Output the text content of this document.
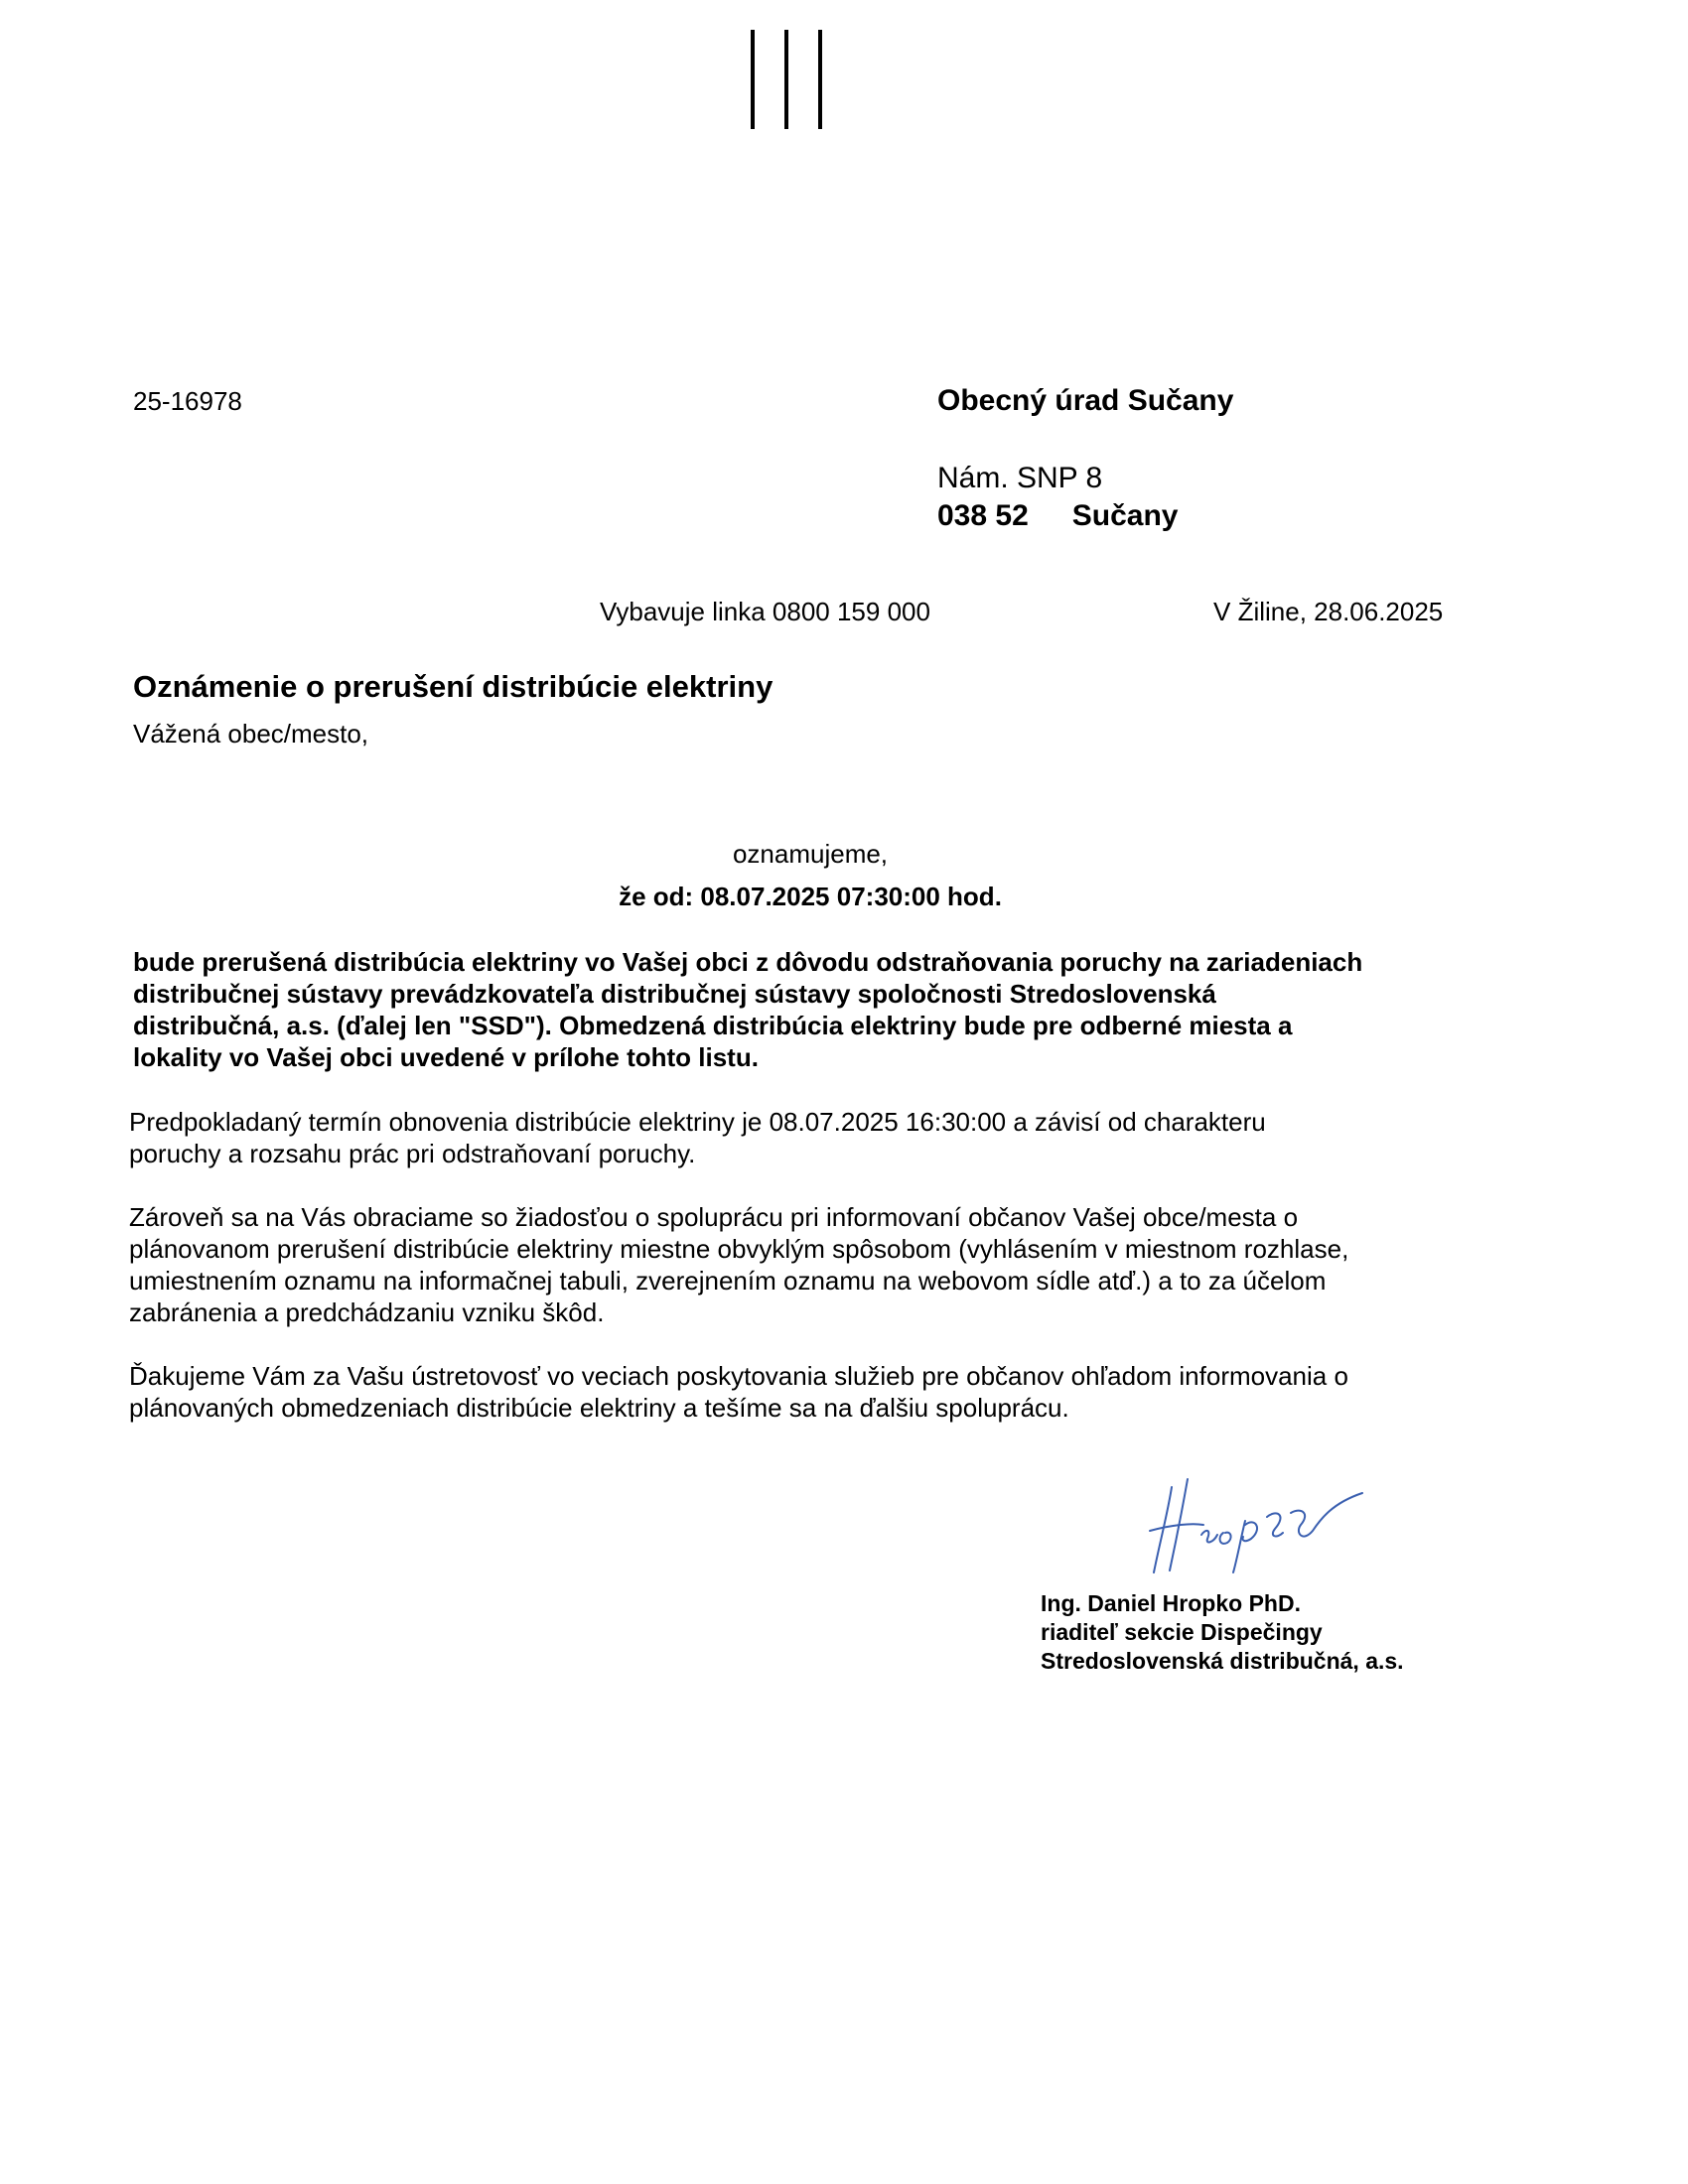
25-16978	Obecný úrad Sučany
Nám. SNP 8
038 52 Sučany
Vybavuje linka 0800 159 000	V Žiline, 28.06.2025
Oznámenie o prerušení distribúcie elektriny
Vážená obec/mesto,
oznamujeme,
že od: 08.07.2025 07:30:00 hod.
bude prerušená distribúcia elektriny vo Vašej obci z dôvodu odstraňovania poruchy na zariadeniach
distribučnej sústavy prevádzkovateľa distribučnej sústavy spoločnosti Stredoslovenská
distribučná, a.s. (ďalej len "SSD"). Obmedzená distribúcia elektriny bude pre odberné miesta a
lokality vo Vašej obci uvedené v prílohe tohto listu.
Predpokladaný termín obnovenia distribúcie elektriny je 08.07.2025 16:30:00 a závisí od charakteru
poruchy a rozsahu prác pri odstraňovaní poruchy.
Zároveň sa na Vás obraciame so žiadosťou o spoluprácu pri informovaní občanov Vašej obce/mesta o
plánovanom prerušení distribúcie elektriny miestne obvyklým spôsobom (vyhlásením v miestnom rozhlase,
umiestnením oznamu na informačnej tabuli, zverejnením oznamu na webovom sídle atď.) a to za účelom
zabránenia a predchádzaniu vzniku škôd.
Ďakujeme Vám za Vašu ústretovosť vo veciach poskytovania služieb pre občanov ohľadom informovania o
plánovaných obmedzeniach distribúcie elektriny a tešíme sa na ďalšiu spoluprácu.
Ing. Daniel Hropko PhD.
riaditeľ sekcie Dispečingy
Stredoslovenská distribučná, a.s.
